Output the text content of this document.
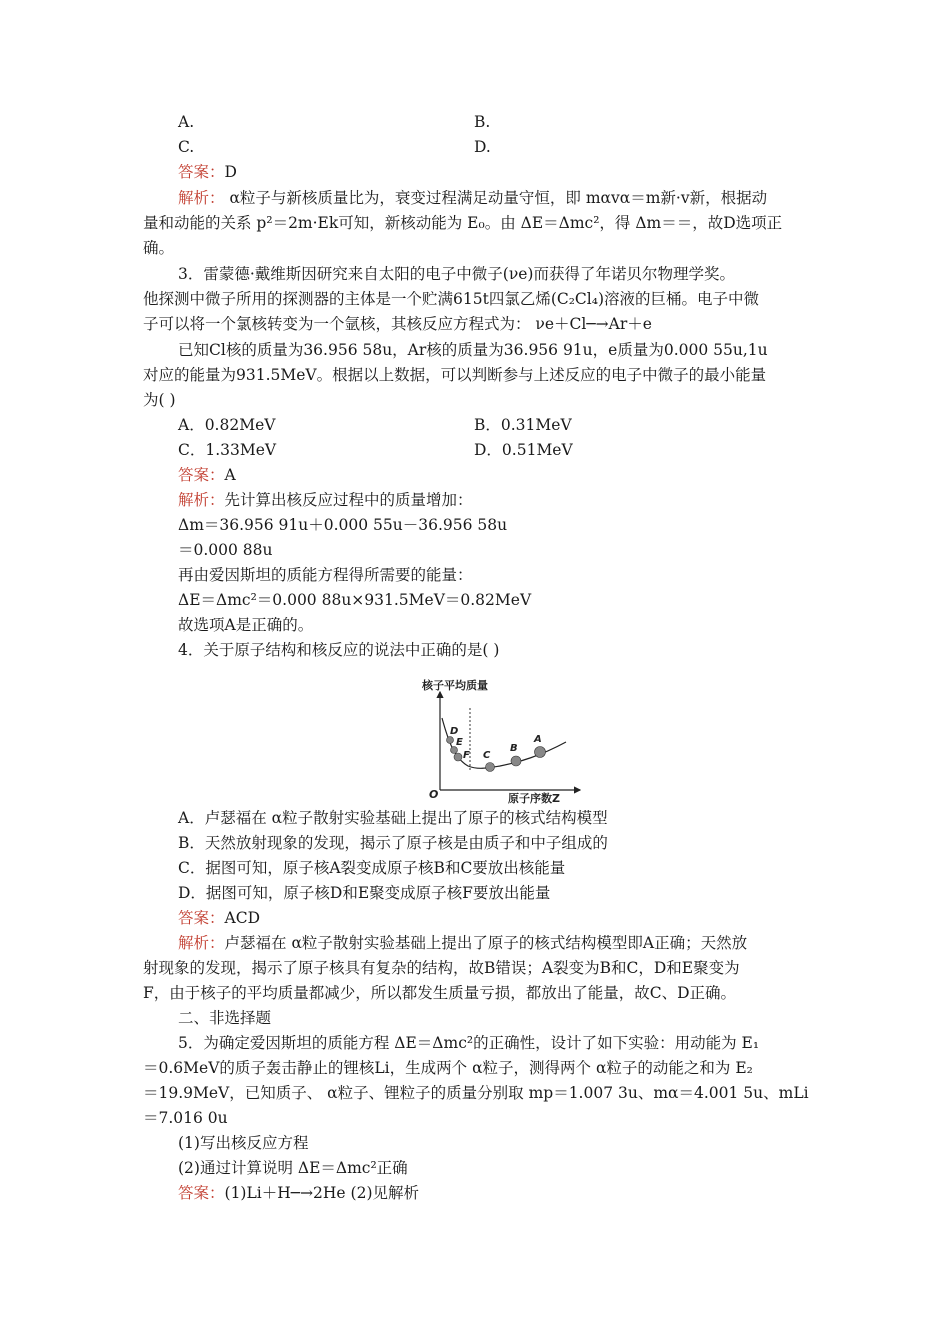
A.	B.
C.	D.
答案：D
解析： α粒子与新核质量比为，衰变过程满足动量守恒，即 mαvα＝m新·v新，根据动
量和动能的关系 p²＝2m·Ek可知，新核动能为 E₀。由 ΔE＝Δmc²，得 Δm＝＝，故D选项正
确。
3．雷蒙德·戴维斯因研究来自太阳的电子中微子(νe)而获得了年诺贝尔物理学奖。
他探测中微子所用的探测器的主体是一个贮满615t四氯乙烯(C₂Cl₄)溶液的巨桶。电子中微
子可以将一个氯核转变为一个氩核，其核反应方程式为： νe＋Cl─→Ar＋e
已知Cl核的质量为36.956 58u，Ar核的质量为36.956 91u，e质量为0.000 55u,1u
对应的能量为931.5MeV。根据以上数据，可以判断参与上述反应的电子中微子的最小能量
为( )
A．0.82MeV	B．0.31MeV
C．1.33MeV	D．0.51MeV
答案：A
解析：先计算出核反应过程中的质量增加：
Δm＝36.956 91u＋0.000 55u－36.956 58u
＝0.000 88u
再由爱因斯坦的质能方程得所需要的能量：
ΔE＝Δmc²＝0.000 88u×931.5MeV＝0.82MeV
故选项A是正确的。
4．关于原子结构和核反应的说法中正确的是( )
A．卢瑟福在 α粒子散射实验基础上提出了原子的核式结构模型
B．天然放射现象的发现，揭示了原子核是由质子和中子组成的
C．据图可知，原子核A裂变成原子核B和C要放出核能量
D．据图可知，原子核D和E聚变成原子核F要放出能量
答案：ACD
解析：卢瑟福在 α粒子散射实验基础上提出了原子的核式结构模型即A正确；天然放
射现象的发现，揭示了原子核具有复杂的结构，故B错误；A裂变为B和C，D和E聚变为
F，由于核子的平均质量都减少，所以都发生质量亏损，都放出了能量，故C、D正确。
二、非选择题
5．为确定爱因斯坦的质能方程 ΔE＝Δmc²的正确性，设计了如下实验：用动能为 E₁
＝0.6MeV的质子轰击静止的锂核Li，生成两个 α粒子，测得两个 α粒子的动能之和为 E₂
＝19.9MeV，已知质子、 α粒子、锂粒子的质量分别取 mp＝1.007 3u、mα＝4.001 5u、mLi
＝7.016 0u
(1)写出核反应方程
(2)通过计算说明 ΔE＝Δmc²正确
答案：(1)Li＋H─→2He (2)见解析
核子平均质量
原子序数Z
O
D
E
F C
B
A
